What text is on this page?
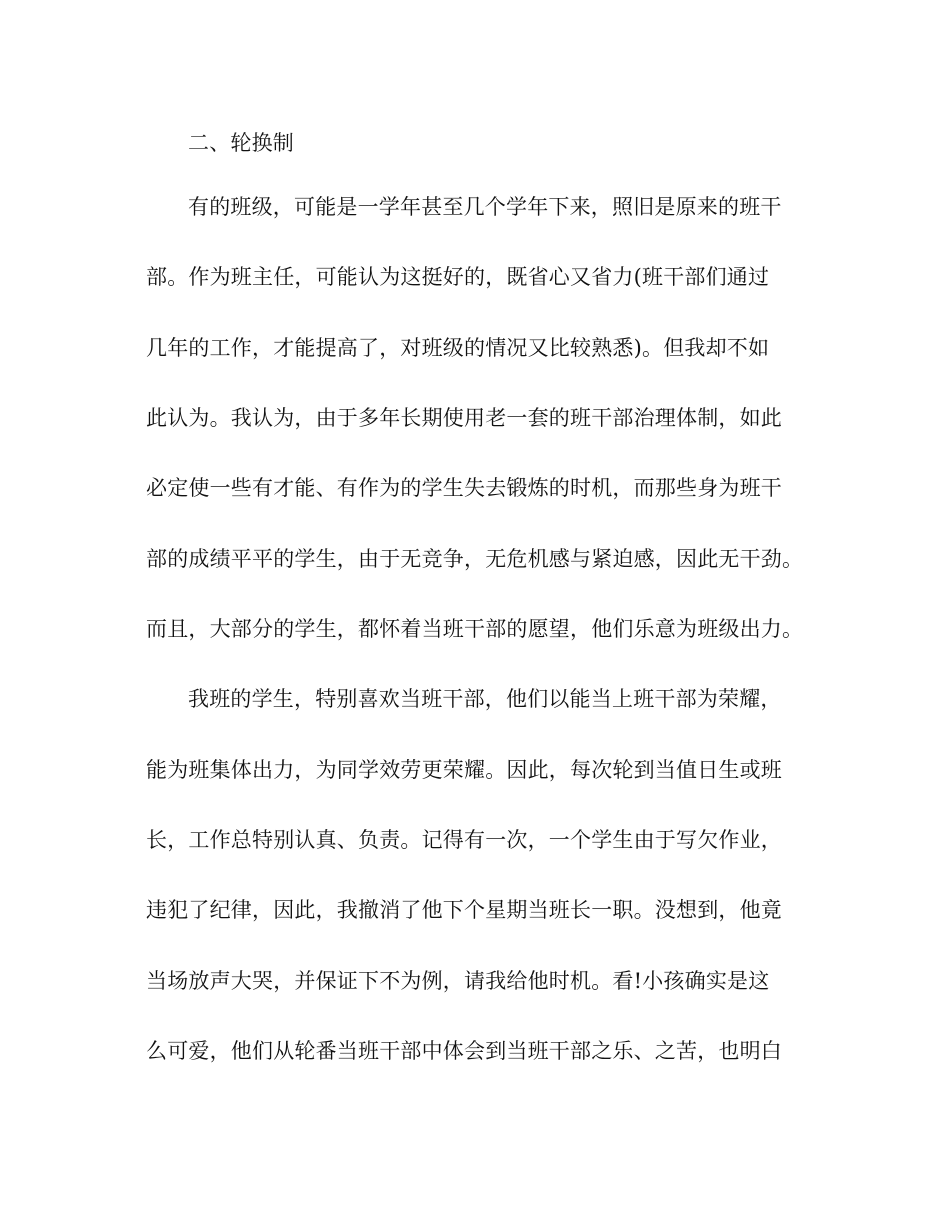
二、轮换制
有的班级，可能是一学年甚至几个学年下来，照旧是原来的班干
部。作为班主任，可能认为这挺好的，既省心又省力(班干部们通过
几年的工作，才能提高了，对班级的情况又比较熟悉)。但我却不如
此认为。我认为，由于多年长期使用老一套的班干部治理体制，如此
必定使一些有才能、有作为的学生失去锻炼的时机，而那些身为班干
部的成绩平平的学生，由于无竞争，无危机感与紧迫感，因此无干劲。
而且，大部分的学生，都怀着当班干部的愿望，他们乐意为班级出力。
我班的学生，特别喜欢当班干部，他们以能当上班干部为荣耀，
能为班集体出力，为同学效劳更荣耀。因此，每次轮到当值日生或班
长，工作总特别认真、负责。记得有一次，一个学生由于写欠作业，
违犯了纪律，因此，我撤消了他下个星期当班长一职。没想到，他竟
当场放声大哭，并保证下不为例，请我给他时机。看!小孩确实是这
么可爱，他们从轮番当班干部中体会到当班干部之乐、之苦，也明白
